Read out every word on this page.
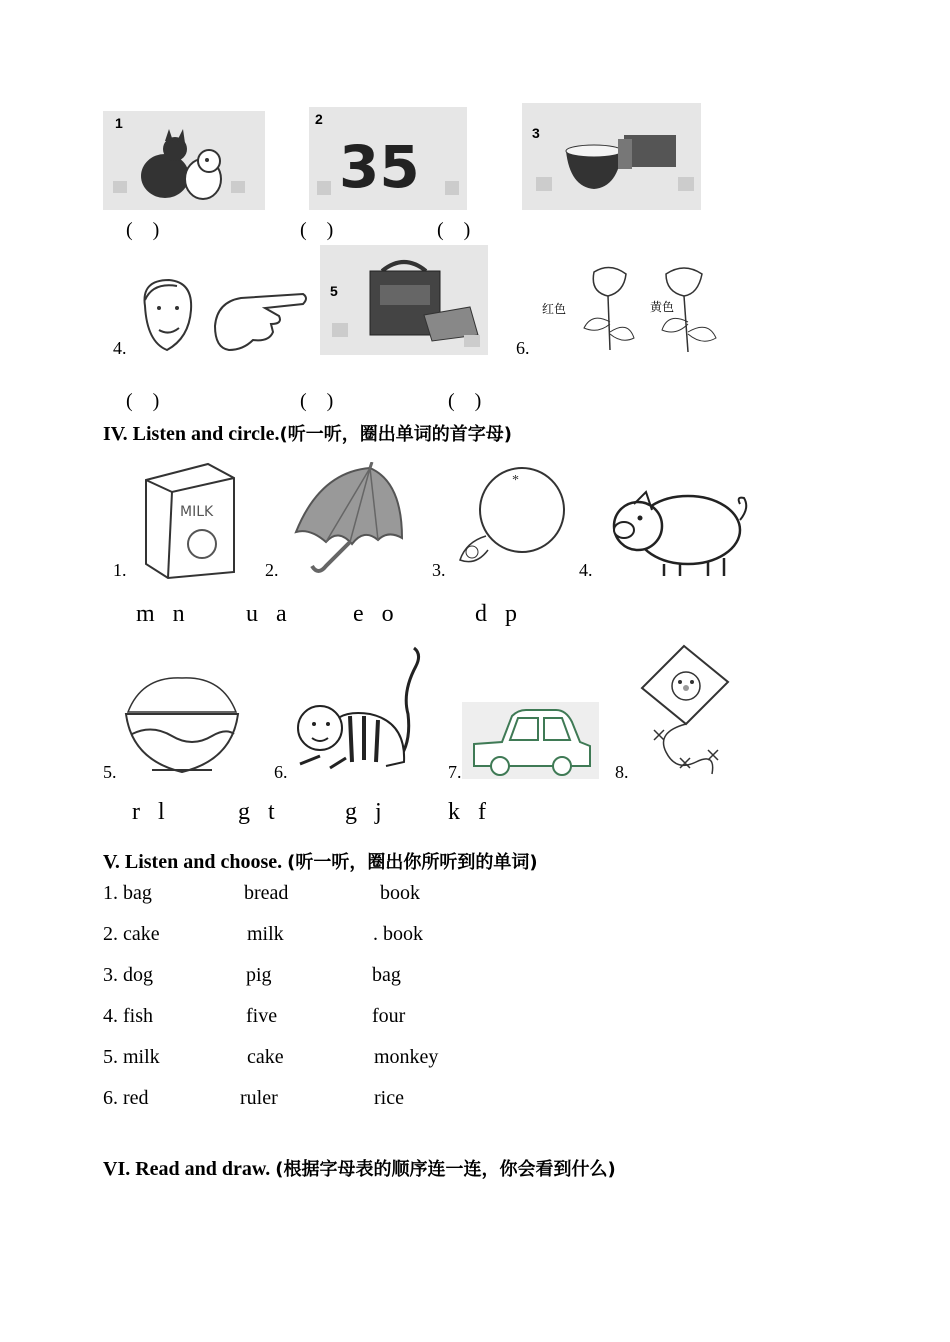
1	2
35	3
(    )	(    )	(    )
4.
5
6.
红色	黄色
(    )	(    )	(    )
IV. Listen and circle.(听一听，圈出单词的首字母)
1.
MILK
2.	3.
*
4.
m   n	u   a	e   o	d   p
5.	6.	7.	8.
r   l	g   t	g   j	k   f
V. Listen and choose. (听一听，圈出你所听到的单词)
1. bag	bread	book
2. cake	milk	. book
3. dog	pig	bag
4. fish	five	four
5. milk	cake	monkey
6. red	ruler	rice
VI. Read and draw. (根据字母表的顺序连一连，你会看到什么)
